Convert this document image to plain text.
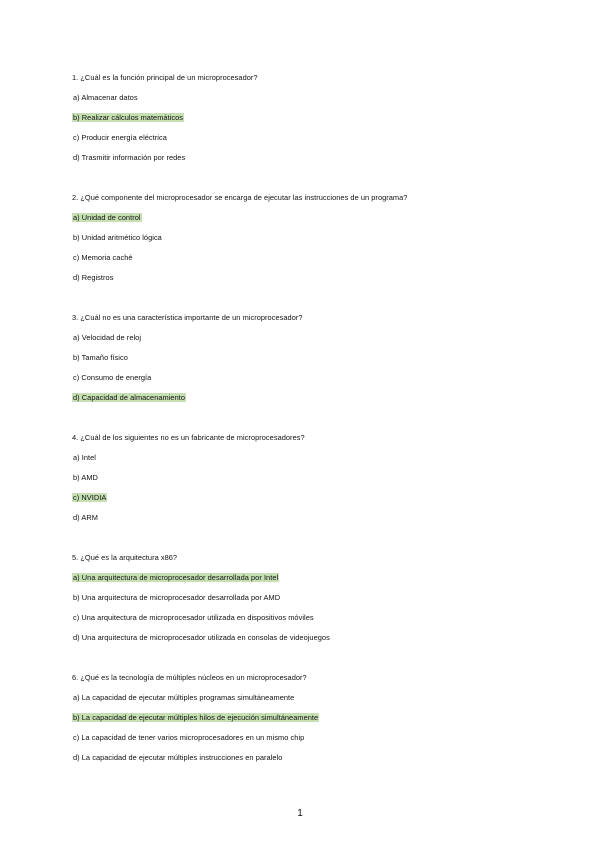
1. ¿Cuál es la función principal de un microprocesador?
a) Almacenar datos
b) Realizar cálculos matemáticos
c) Producir energía eléctrica
d) Trasmitir información por redes
2. ¿Qué componente del microprocesador se encarga de ejecutar las instrucciones de un programa?
a) Unidad de control
b) Unidad aritmético lógica
c) Memoria caché
d) Registros
3. ¿Cuál no es una característica importante de un microprocesador?
a) Velocidad de reloj
b) Tamaño físico
c) Consumo de energía
d) Capacidad de almacenamiento
4. ¿Cuál de los siguientes no es un fabricante de microprocesadores?
a) Intel
b) AMD
c) NVIDIA
d) ARM
5. ¿Qué es la arquitectura x86?
a) Una arquitectura de microprocesador desarrollada por Intel
b) Una arquitectura de microprocesador desarrollada por AMD
c) Una arquitectura de microprocesador utilizada en dispositivos móviles
d) Una arquitectura de microprocesador utilizada en consolas de videojuegos
6. ¿Qué es la tecnología de múltiples núcleos en un microprocesador?
a) La capacidad de ejecutar múltiples programas simultáneamente
b) La capacidad de ejecutar múltiples hilos de ejecución simultáneamente
c) La capacidad de tener varios microprocesadores en un mismo chip
d) La capacidad de ejecutar múltiples instrucciones en paralelo
1
